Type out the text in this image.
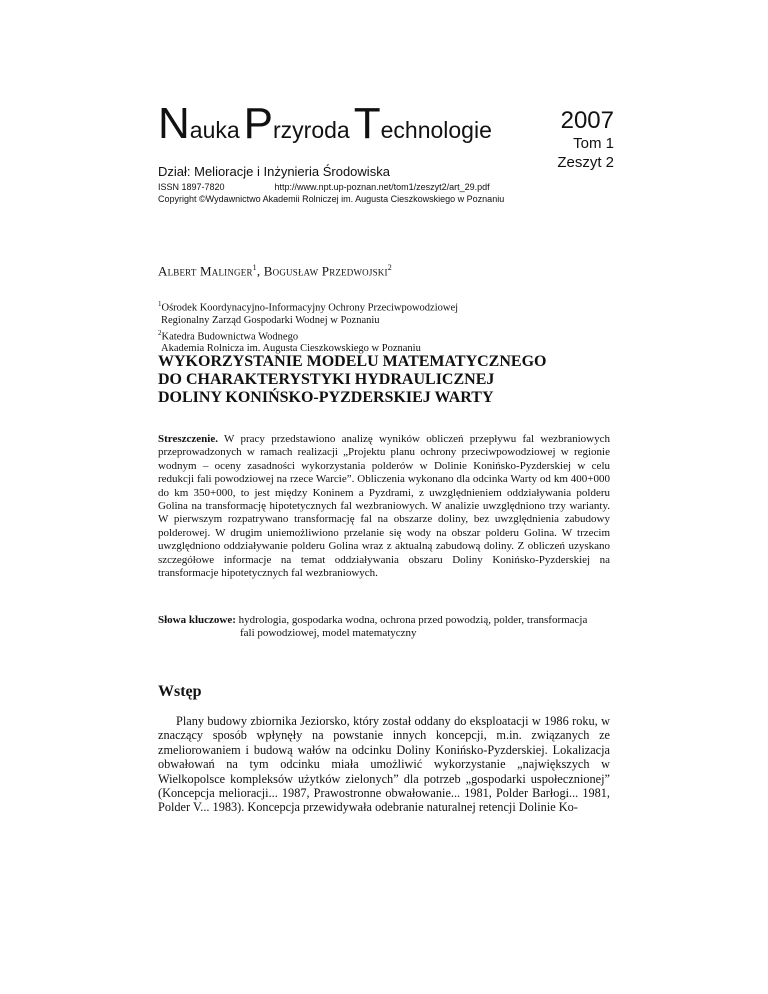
NaukaPrzyrodaTechnologie	2007
Tom 1
Zeszyt 2
Dział: Melioracje i Inżynieria Środowiska
ISSN 1897-7820	http://www.npt.up-poznan.net/tom1/zeszyt2/art_29.pdf
Copyright ©Wydawnictwo Akademii Rolniczej im. Augusta Cieszkowskiego w Poznaniu
Albert Malinger$^1$, Bogusław Przedwojski$^2$
$^1$Ośrodek Koordynacyjno-Informacyjny Ochrony Przeciwpowodziowej
Regionalny Zarząd Gospodarki Wodnej w Poznaniu
$^2$Katedra Budownictwa Wodnego
Akademia Rolnicza im. Augusta Cieszkowskiego w Poznaniu
WYKORZYSTANIE MODELU MATEMATYCZNEGO
DO CHARAKTERYSTYKI HYDRAULICZNEJ
DOLINY KONIŃSKO-PYZDERSKIEJ WARTY
Streszczenie. W pracy przedstawiono analizę wyników obliczeń przepływu fal wezbraniowych przeprowadzonych w ramach realizacji „Projektu planu ochrony przeciwpowodziowej w regionie wodnym – oceny zasadności wykorzystania polderów w Dolinie Konińsko-Pyzderskiej w celu redukcji fali powodziowej na rzece Warcie”. Obliczenia wykonano dla odcinka Warty od km 400+000 do km 350+000, to jest między Koninem a Pyzdrami, z uwzględnieniem oddziaływania polderu Golina na transformację hipotetycznych fal wezbraniowych. W analizie uwzględniono trzy warianty. W pierwszym rozpatrywano transformację fal na obszarze doliny, bez uwzględnienia zabudowy polderowej. W drugim uniemożliwiono przelanie się wody na obszar polderu Golina. W trzecim uwzględniono oddziaływanie polderu Golina wraz z aktualną zabudową doliny. Z obliczeń uzyskano szczegółowe informacje na temat oddziaływania obszaru Doliny Konińsko-Pyzderskiej na transformacje hipotetycznych fal wezbraniowych.
Słowa kluczowe: hydrologia, gospodarka wodna, ochrona przed powodzią, polder, transformacja
fali powodziowej, model matematyczny
Wstęp

Plany budowy zbiornika Jeziorsko, który został oddany do eksploatacji w 1986 roku, w znaczący sposób wpłynęły na powstanie innych koncepcji, m.in. związanych ze zmeliorowaniem i budową wałów na odcinku Doliny Konińsko-Pyzderskiej. Lokalizacja obwałowań na tym odcinku miała umożliwić wykorzystanie „największych w Wielkopolsce kompleksów użytków zielonych” dla potrzeb „gospodarki uspołecznionej” (Koncepcja melioracji... 1987, Prawostronne obwałowanie... 1981, Polder Barłogi... 1981, Polder V... 1983). Koncepcja przewidywała odebranie naturalnej retencji Dolinie Ko-
